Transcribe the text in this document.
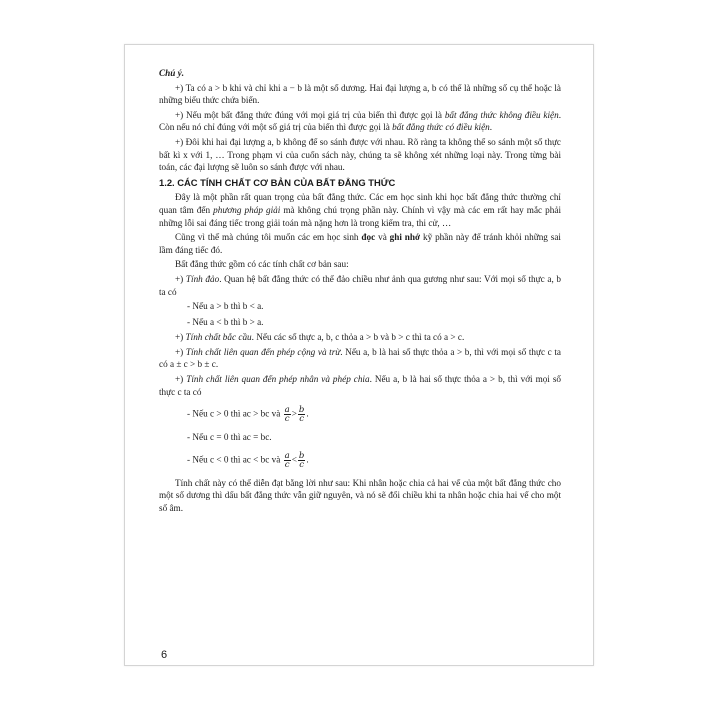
Chú ý.

+) Ta có a > b khi và chỉ khi a − b là một số dương. Hai đại lượng a, b có thể là những số cụ thể hoặc là những biểu thức chứa biến.

+) Nếu một bất đẳng thức đúng với mọi giá trị của biến thì được gọi là bất đẳng thức không điều kiện. Còn nếu nó chỉ đúng với một số giá trị của biến thì được gọi là bất đẳng thức có điều kiện.

+) Đôi khi hai đại lượng a, b không để so sánh được với nhau. Rõ ràng ta không thể so sánh một số thực bất kì x với 1, … Trong phạm vi của cuốn sách này, chúng ta sẽ không xét những loại này. Trong từng bài toán, các đại lượng sẽ luôn so sánh được với nhau.

1.2. CÁC TÍNH CHẤT CƠ BẢN CỦA BẤT ĐẲNG THỨC

Đây là một phần rất quan trọng của bất đẳng thức. Các em học sinh khi học bất đẳng thức thường chỉ quan tâm đến phương pháp giải mà không chú trọng phần này. Chính vì vậy mà các em rất hay mắc phải những lỗi sai đáng tiếc trong giải toán mà nặng hơn là trong kiểm tra, thi cử, …

Cũng vì thế mà chúng tôi muốn các em học sinh đọc và ghi nhớ kỹ phần này để tránh khỏi những sai lầm đáng tiếc đó.

Bất đẳng thức gồm có các tính chất cơ bản sau:

+) Tính đảo. Quan hệ bất đẳng thức có thể đảo chiều như ảnh qua gương như sau: Với mọi số thực a, b ta có

- Nếu a > b thì b < a.
- Nếu a < b thì b > a.

+) Tính chất bắc cầu. Nếu các số thực a, b, c thỏa a > b và b > c thì ta có a > c.

+) Tính chất liên quan đến phép cộng và trừ. Nếu a, b là hai số thực thỏa a > b, thì với mọi số thực c ta có a ± c > b ± c.

+) Tính chất liên quan đến phép nhân và phép chia. Nếu a, b là hai số thực thỏa a > b, thì với mọi số thực c ta có

- Nếu c > 0 thì ac > bc và $\frac{a}{c} > \frac{b}{c}$ .
- Nếu c = 0 thì ac = bc.
- Nếu c < 0 thì ac < bc và $\frac{a}{c} < \frac{b}{c}$ .

Tính chất này có thể diễn đạt bằng lời như sau: Khi nhân hoặc chia cả hai vế của một bất đẳng thức cho một số dương thì dấu bất đẳng thức vẫn giữ nguyên, và nó sẽ đổi chiều khi ta nhân hoặc chia hai vế cho một số âm.

6
